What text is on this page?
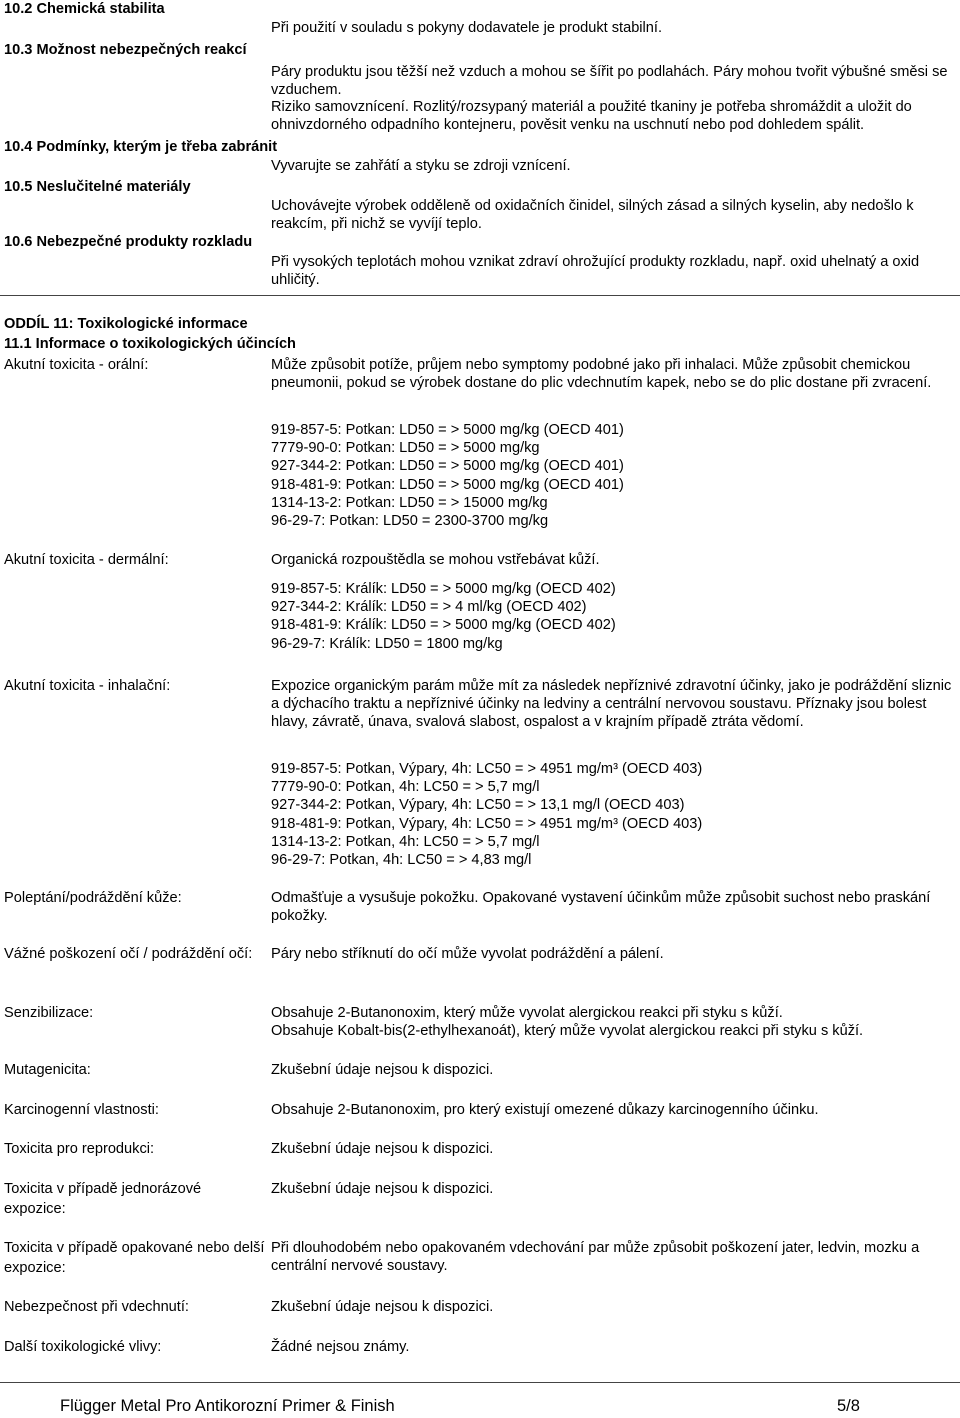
10.2 Chemická stabilita
Při použití v souladu s pokyny dodavatele je produkt stabilní.
10.3 Možnost nebezpečných reakcí
Páry produktu jsou těžší než vzduch a mohou se šířit po podlahách. Páry mohou tvořit výbušné směsi se vzduchem.
Riziko samovznícení. Rozlitý/rozsypaný materiál a použité tkaniny je potřeba shromáždit a uložit do ohnivzdorného odpadního kontejneru, pověsit venku na uschnutí nebo pod dohledem spálit.
10.4 Podmínky, kterým je třeba zabránit
Vyvarujte se zahřátí a styku se zdroji vznícení.
10.5 Neslučitelné materiály
Uchovávejte výrobek odděleně od oxidačních činidel, silných zásad a silných kyselin, aby nedošlo k reakcím, při nichž se vyvíjí teplo.
10.6 Nebezpečné produkty rozkladu
Při vysokých teplotách mohou vznikat zdraví ohrožující produkty rozkladu, např. oxid uhelnatý a oxid uhličitý.
ODDÍL 11: Toxikologické informace
11.1 Informace o toxikologických účincích
Akutní toxicita - orální:	Může způsobit potíže, průjem nebo symptomy podobné jako při inhalaci. Může způsobit chemickou pneumonii, pokud se výrobek dostane do plic vdechnutím kapek, nebo se do plic dostane při zvracení.
919-857-5: Potkan: LD50 = > 5000 mg/kg (OECD 401)
7779-90-0: Potkan: LD50 = > 5000 mg/kg
927-344-2: Potkan: LD50 = > 5000 mg/kg (OECD 401)
918-481-9: Potkan: LD50 = > 5000 mg/kg (OECD 401)
1314-13-2: Potkan: LD50 = > 15000 mg/kg
96-29-7: Potkan: LD50 = 2300-3700 mg/kg
Akutní toxicita - dermální:	Organická rozpouštědla se mohou vstřebávat kůží.
919-857-5: Králík: LD50 = > 5000 mg/kg (OECD 402)
927-344-2: Králík: LD50 = > 4 ml/kg (OECD 402)
918-481-9: Králík: LD50 = > 5000 mg/kg (OECD 402)
96-29-7: Králík: LD50 = 1800 mg/kg
Akutní toxicita - inhalační:	Expozice organickým parám může mít za následek nepříznivé zdravotní účinky, jako je podráždění sliznic a dýchacího traktu a nepříznivé účinky na ledviny a centrální nervovou soustavu. Příznaky jsou bolest hlavy, závratě, únava, svalová slabost, ospalost a v krajním případě ztráta vědomí.
919-857-5: Potkan, Výpary, 4h: LC50 = > 4951 mg/m³ (OECD 403)
7779-90-0: Potkan, 4h: LC50 = > 5,7 mg/l
927-344-2: Potkan, Výpary, 4h: LC50 = > 13,1 mg/l (OECD 403)
918-481-9: Potkan, Výpary, 4h: LC50 = > 4951 mg/m³ (OECD 403)
1314-13-2: Potkan, 4h: LC50 = > 5,7 mg/l
96-29-7: Potkan, 4h: LC50 = > 4,83 mg/l
Poleptání/podráždění kůže:	Odmašťuje a vysušuje pokožku. Opakované vystavení účinkům může způsobit suchost nebo praskání pokožky.
Vážné poškození očí / podráždění očí: Páry nebo stříknutí do očí může vyvolat podráždění a pálení.
Senzibilizace:	Obsahuje 2-Butanonoxim, který může vyvolat alergickou reakci při styku s kůží.
Obsahuje Kobalt-bis(2-ethylhexanoát), který může vyvolat alergickou reakci při styku s kůží.
Mutagenicita:	Zkušební údaje nejsou k dispozici.
Karcinogenní vlastnosti:	Obsahuje 2-Butanonoxim, pro který existují omezené důkazy karcinogenního účinku.
Toxicita pro reprodukci:	Zkušební údaje nejsou k dispozici.
Toxicita v případě jednorázové expozice:
Zkušební údaje nejsou k dispozici.
Toxicita v případě opakované nebo delší expozice:
Při dlouhodobém nebo opakovaném vdechování par může způsobit poškození jater, ledvin, mozku a centrální nervové soustavy.
Nebezpečnost při vdechnutí:	Zkušební údaje nejsou k dispozici.
Další toxikologické vlivy:	Žádné nejsou známy.
Flügger Metal Pro Antikorozní Primer & Finish	5/8
